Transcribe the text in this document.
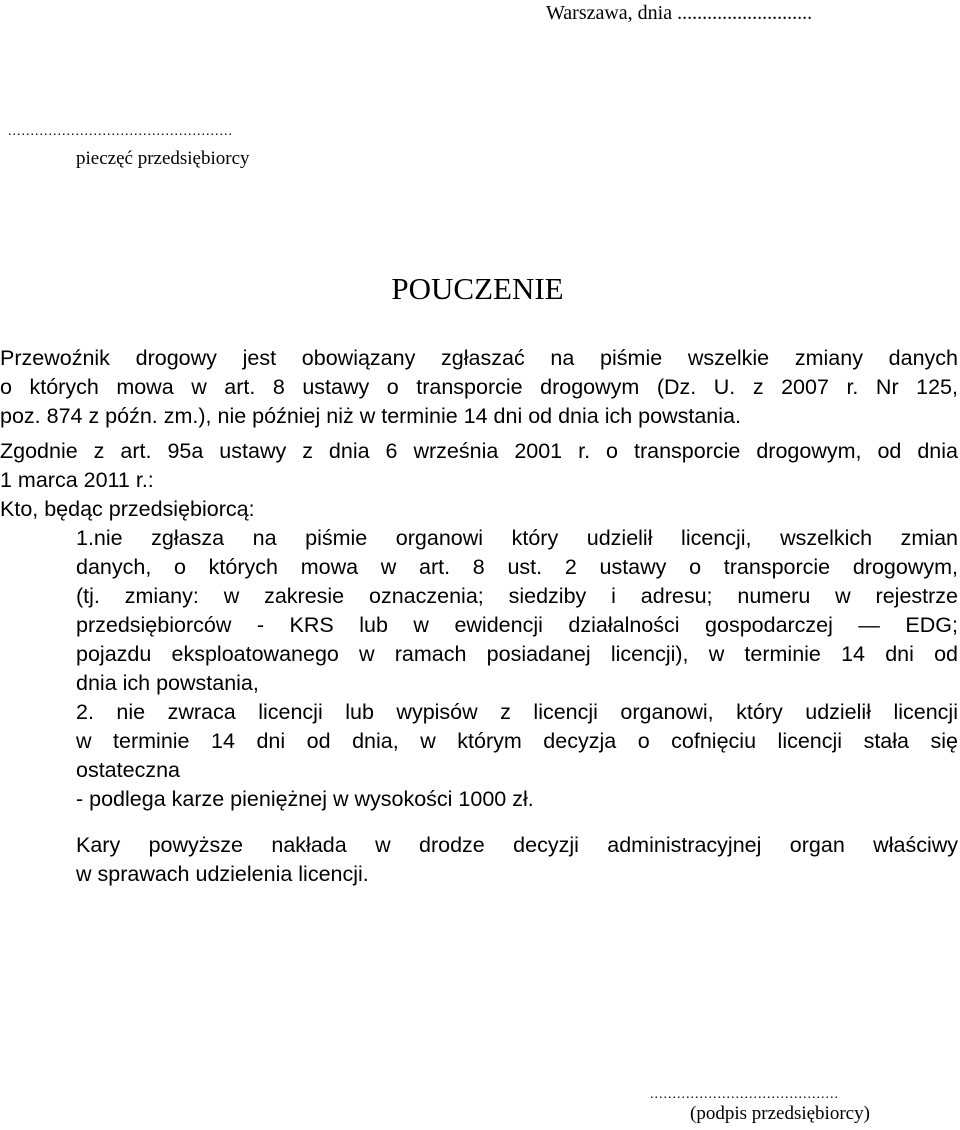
Warszawa, dnia ...........................
..................................................
pieczęć przedsiębiorcy
POUCZENIE
Przewoźnik drogowy jest obowiązany zgłaszać na piśmie wszelkie zmiany danych
o których mowa w art. 8 ustawy o transporcie drogowym (Dz. U. z 2007 r. Nr 125,
poz. 874 z późn. zm.), nie później niż w terminie 14 dni od dnia ich powstania.
Zgodnie z art. 95a ustawy z dnia 6 września 2001 r. o transporcie drogowym, od dnia
1 marca 2011 r.:
Kto, będąc przedsiębiorcą:
1.nie zgłasza na piśmie organowi który udzielił licencji, wszelkich zmian
danych, o których mowa w art. 8 ust. 2 ustawy o transporcie drogowym,
(tj. zmiany: w zakresie oznaczenia; siedziby i adresu; numeru w rejestrze
przedsiębiorców - KRS lub w ewidencji działalności gospodarczej ― EDG;
pojazdu eksploatowanego w ramach posiadanej licencji), w terminie 14 dni od
dnia ich powstania,
2. nie zwraca licencji lub wypisów z licencji organowi, który udzielił licencji
w terminie 14 dni od dnia, w którym decyzja o cofnięciu licencji stała się
ostateczna
- podlega karze pieniężnej w wysokości 1000 zł.
Kary powyższe nakłada w drodze decyzji administracyjnej organ właściwy
w sprawach udzielenia licencji.
..........................................
(podpis przedsiębiorcy)
